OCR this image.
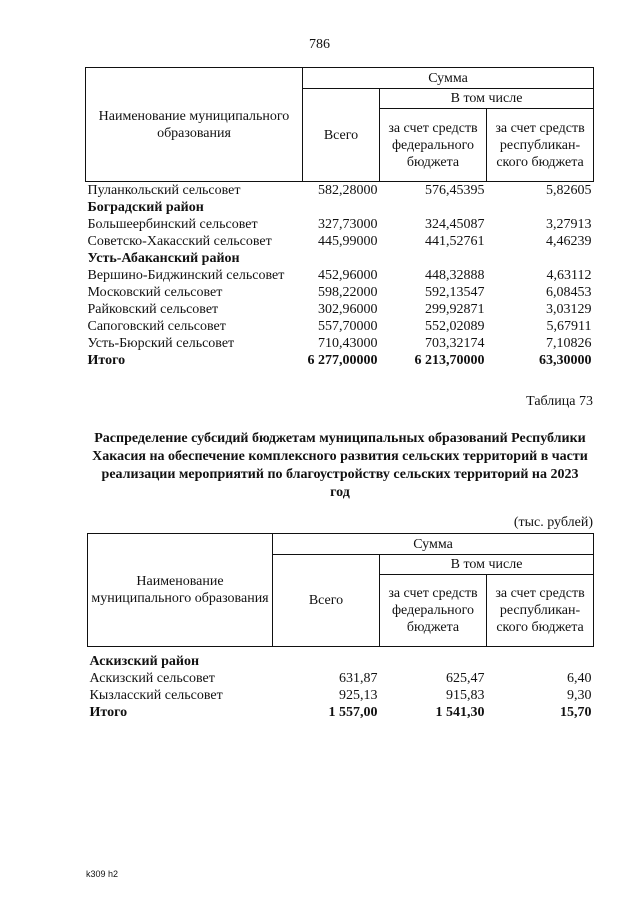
786
Наименование муниципального образования	Сумма		
	Всего	В том числе	
		за счет средств федерального бюджета	за счет средств республикан-ского бюджета
Пуланкольский сельсовет	582,28000	576,45395	5,82605
Боградский район			
Большеербинский сельсовет	327,73000	324,45087	3,27913
Советско-Хакасский сельсовет	445,99000	441,52761	4,46239
Усть-Абаканский район			
Вершино-Биджинский сельсовет	452,96000	448,32888	4,63112
Московский сельсовет	598,22000	592,13547	6,08453
Райковский сельсовет	302,96000	299,92871	3,03129
Сапоговский сельсовет	557,70000	552,02089	5,67911
Усть-Бюрский сельсовет	710,43000	703,32174	7,10826
Итого	6 277,00000	6 213,70000	63,30000
Таблица 73
Распределение субсидий бюджетам муниципальных образований Республики Хакасия на обеспечение комплексного развития сельских территорий в части реализации мероприятий по благоустройству сельских территорий на 2023 год
(тыс. рублей)
Наименование муниципального образования	Сумма		
	Всего	В том числе	
		за счет средств федерального бюджета	за счет средств республикан-ского бюджета

Аскизский район			
Аскизский сельсовет	631,87	625,47	6,40
Кызласский сельсовет	925,13	915,83	9,30
Итого	1 557,00	1 541,30	15,70
k309 h2
